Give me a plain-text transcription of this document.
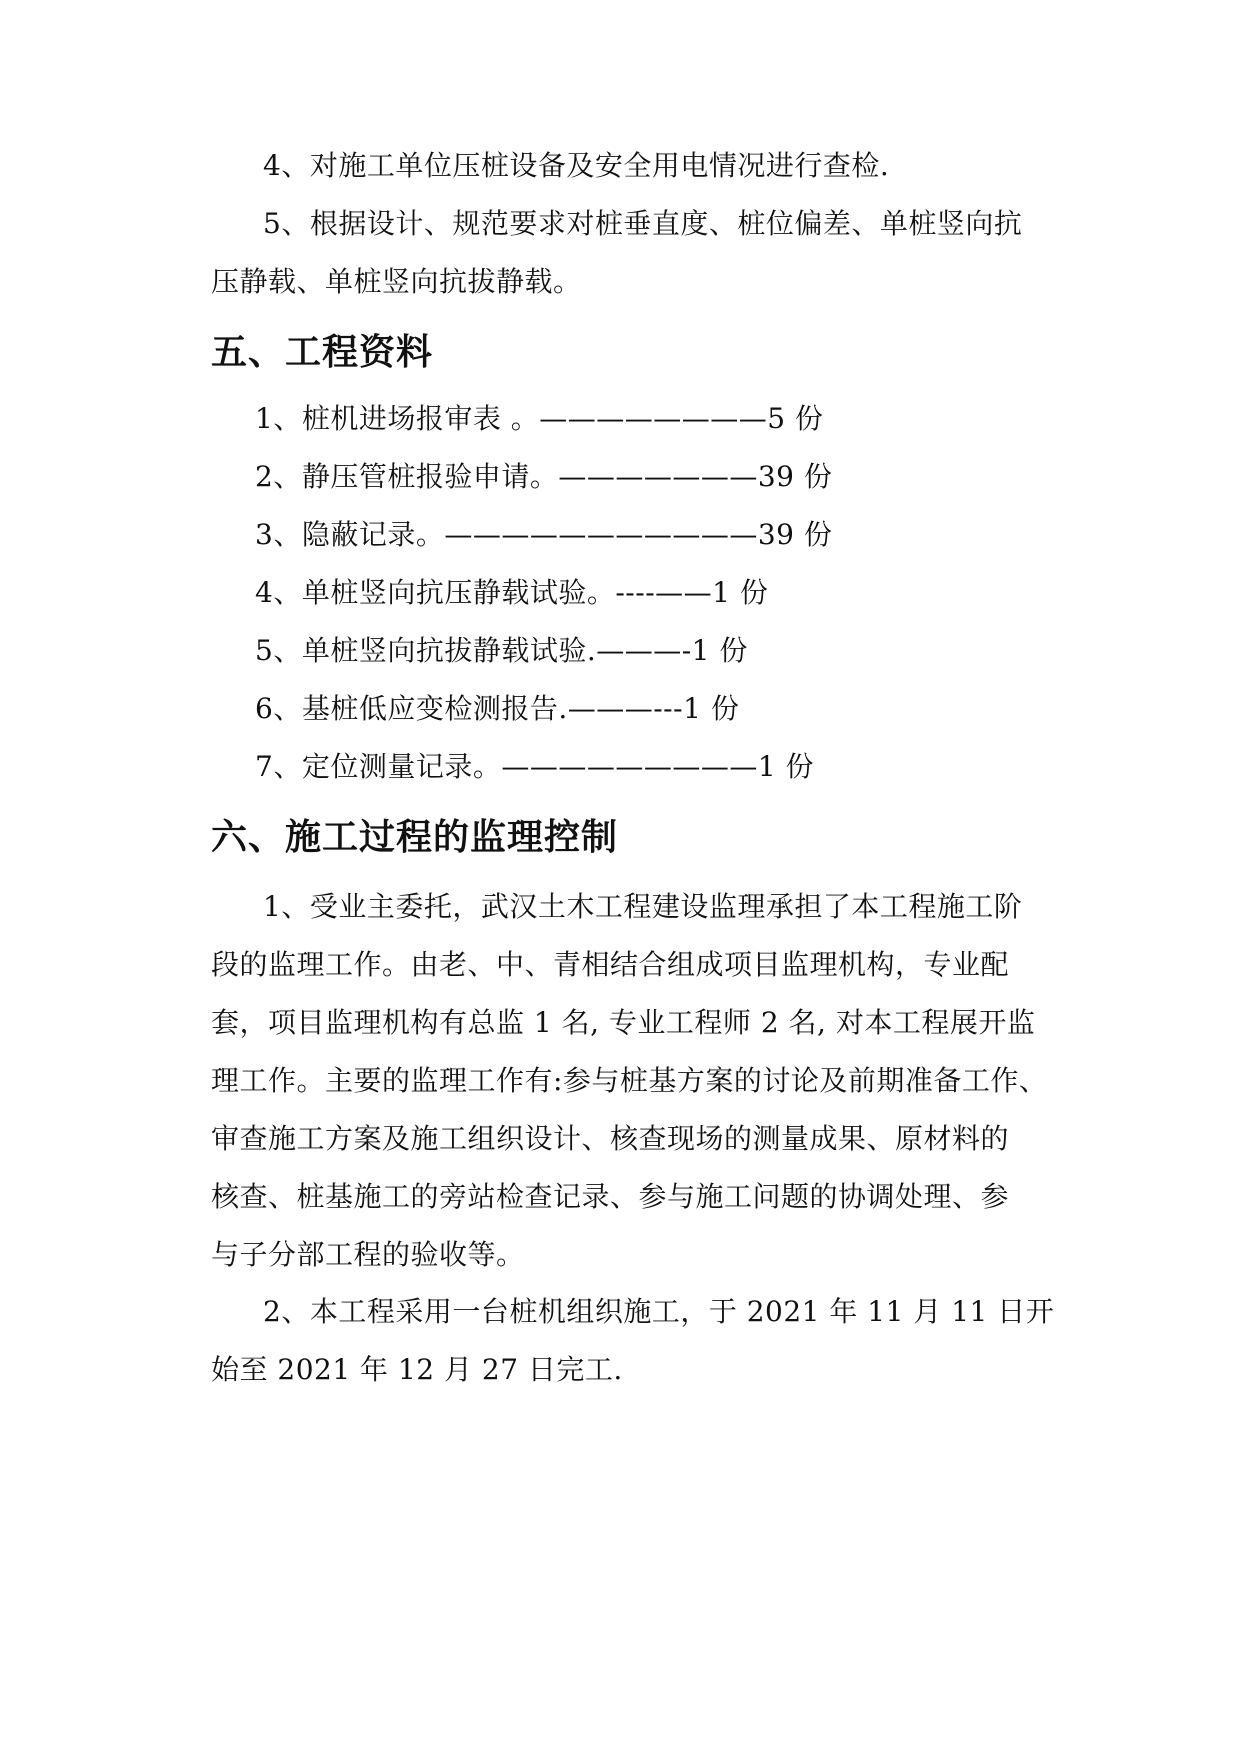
4、对施工单位压桩设备及安全用电情况进行查检.
5、根据设计、规范要求对桩垂直度、桩位偏差、单桩竖向抗
压静载、单桩竖向抗拔静载。
五、工程资料
1、桩机进场报审表 。————————5 份
2、静压管桩报验申请。———————39 份
3、隐蔽记录。———————————39 份
4、单桩竖向抗压静载试验。----——1 份
5、单桩竖向抗拔静载试验.———-1 份
6、基桩低应变检测报告.———---1 份
7、定位测量记录。—————————1 份
六、施工过程的监理控制
1、受业主委托，武汉土木工程建设监理承担了本工程施工阶
段的监理工作。由老、中、青相结合组成项目监理机构，专业配
套，项目监理机构有总监 1 名, 专业工程师 2 名, 对本工程展开监
理工作。主要的监理工作有:参与桩基方案的讨论及前期准备工作、
审查施工方案及施工组织设计、核查现场的测量成果、原材料的
核查、桩基施工的旁站检查记录、参与施工问题的协调处理、参
与子分部工程的验收等。
2、本工程采用一台桩机组织施工，于 2021 年 11 月 11 日开
始至 2021 年 12 月 27 日完工.
